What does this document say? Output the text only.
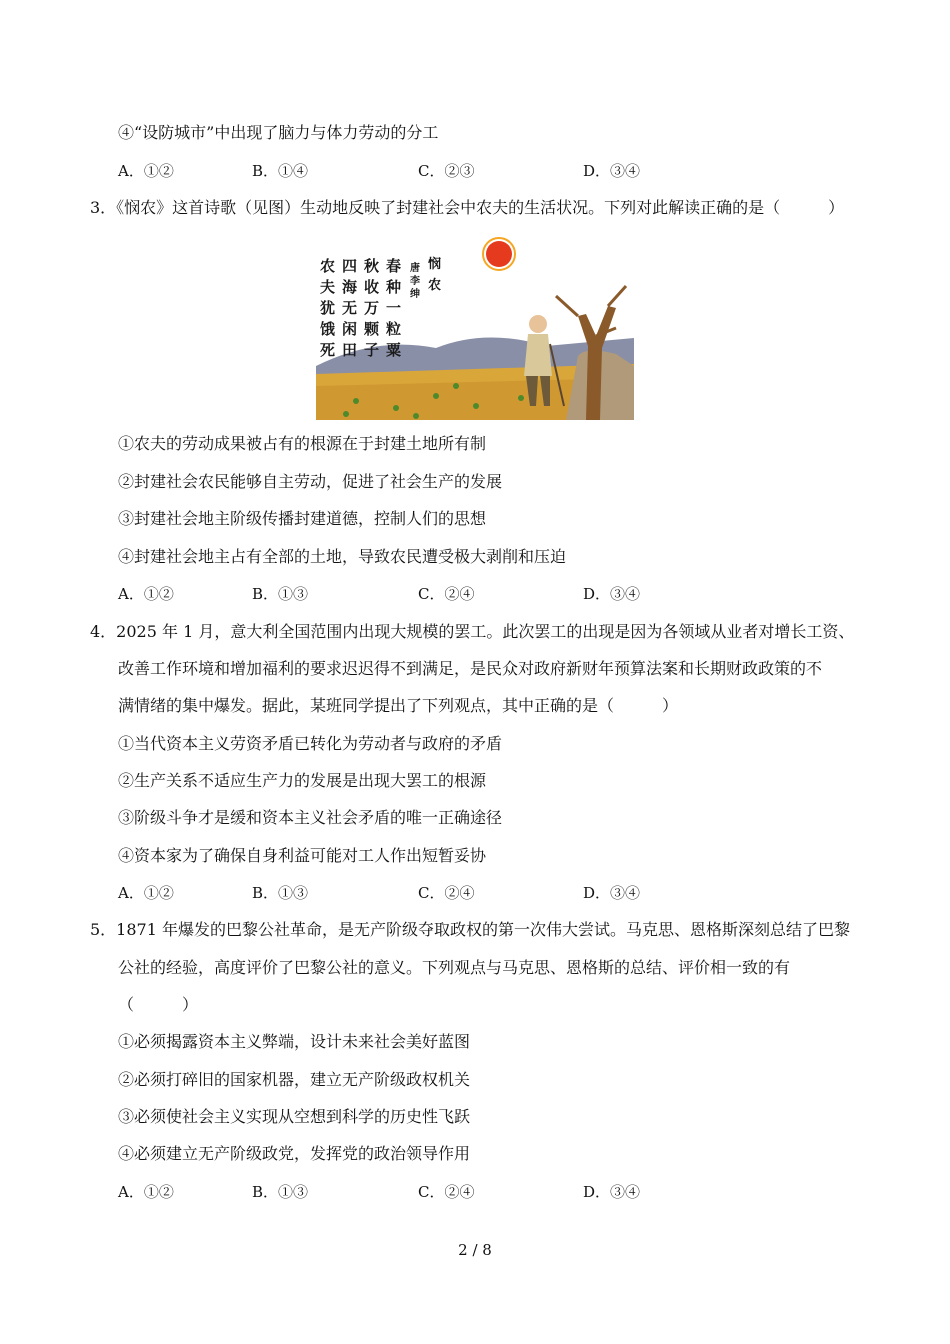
④“设防城市”中出现了脑力与体力劳动的分工
A．①②	B．①④	C．②③	D．③④
3．《悯农》这首诗歌（见图）生动地反映了封建社会中农夫的生活状况。下列对此解读正确的是（　　　）
悯农
唐 李绅
春种一粒粟
秋收万颗子
四海无闲田
农夫犹饿死
①农夫的劳动成果被占有的根源在于封建土地所有制
②封建社会农民能够自主劳动，促进了社会生产的发展
③封建社会地主阶级传播封建道德，控制人们的思想
④封建社会地主占有全部的土地，导致农民遭受极大剥削和压迫
A．①②	B．①③	C．②④	D．③④
4．2025 年 1 月，意大利全国范围内出现大规模的罢工。此次罢工的出现是因为各领域从业者对增长工资、
改善工作环境和增加福利的要求迟迟得不到满足，是民众对政府新财年预算法案和长期财政政策的不
满情绪的集中爆发。据此，某班同学提出了下列观点，其中正确的是（　　　）
①当代资本主义劳资矛盾已转化为劳动者与政府的矛盾
②生产关系不适应生产力的发展是出现大罢工的根源
③阶级斗争才是缓和资本主义社会矛盾的唯一正确途径
④资本家为了确保自身利益可能对工人作出短暂妥协
A．①②	B．①③	C．②④	D．③④
5．1871 年爆发的巴黎公社革命，是无产阶级夺取政权的第一次伟大尝试。马克思、恩格斯深刻总结了巴黎
公社的经验，高度评价了巴黎公社的意义。下列观点与马克思、恩格斯的总结、评价相一致的有
（　　　）
①必须揭露资本主义弊端，设计未来社会美好蓝图
②必须打碎旧的国家机器，建立无产阶级政权机关
③必须使社会主义实现从空想到科学的历史性飞跃
④必须建立无产阶级政党，发挥党的政治领导作用
A．①②	B．①③	C．②④	D．③④
2 / 8
